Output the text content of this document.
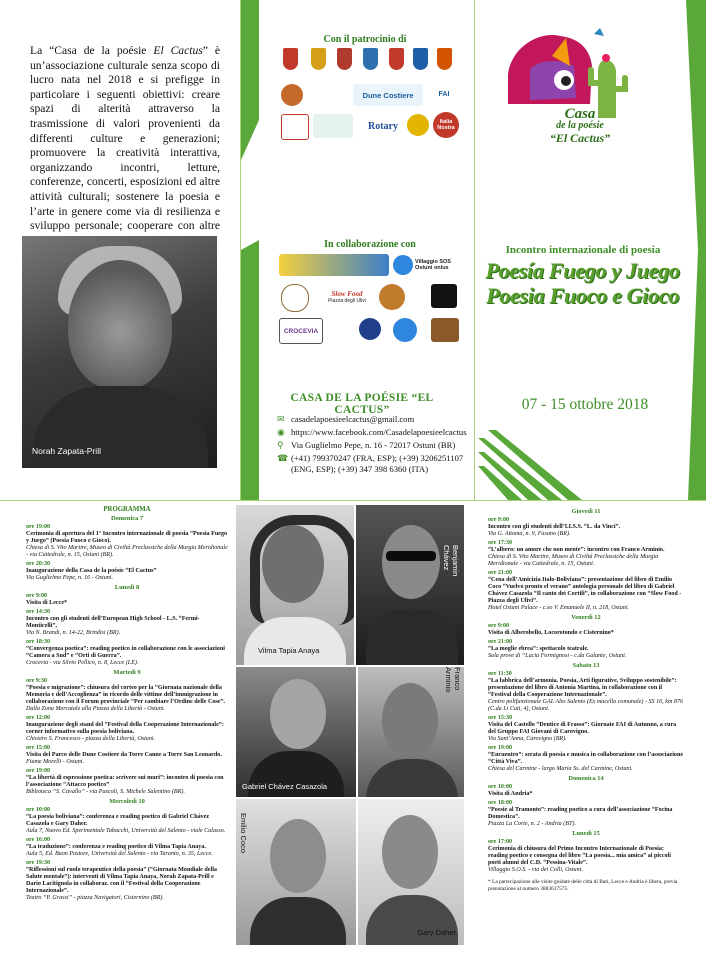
La “Casa de la poésie El Cactus” è un’associazione culturale senza scopo di lucro nata nel 2018 e si prefigge in particolare i seguenti obiettivi: creare spazi di alterità attraverso la trasmissione di valori provenienti da differenti culture e generazioni; promuovere la creatività interattiva, organizzando incontri, letture, conferenze, concerti, esposizioni ed altre attività culturali; sostenere la poesia e l’arte in genere come via di resilienza e sviluppo personale; cooperare con altre
Norah Zapata-Prill
Con il patrocinio di
Dune Costiere	FAI
Rotary	Italia Nostra
In collaborazione con
Villaggio SOS Ostuni onlus
Slow Food
Piazza degli Ulivi
CROCEVIA
CASA DE LA POÉSIE “EL CACTUS”
✉ casadelapoesieelcactus@gmail.com
◉ https://www.facebook.com/Casadelapoesieelcactus
⚲ Via Guglielmo Pepe, n. 16 - 72017 Ostuni (BR)
☎ (+41) 799370247 (FRA, ESP); (+39) 3206251107
(ENG, ESP); (+39) 347 398 6360 (ITA)
Casa
de la poésie
“El Cactus”
Incontro internazionale di poesia
Poesía Fuego y Juego
Poesia Fuoco e Gioco
07 - 15 ottobre 2018
PROGRAMMA

Domenica 7

ore 19:00

Cerimonia di apertura del 1° Incontro internazionale di poesia “Poesia Fuego y Juego” (Poesia Fuoco e Gioco).

Chiesa di S. Vito Martire, Museo di Civiltà Preclassiche della Murgia Meridionale - via Cattedrale, n. 15, Ostuni (BR).

ore 20:30

Inaugurazione della Casa de la poésie “El Cactus”

Via Guglielmo Pepe, n. 16 - Ostuni.

Lunedì 8

ore 9:00

Visita di Lecce*

ore 14:30

Incontro con gli studenti dell’European High School - L.S. “Fermi-Monticelli”,

Via N. Brandi, n. 14-22, Brindisi (BR).

ore 18:30

“Convergenza poetica”: reading poetico in collaborazione con le associazioni “Camera a Sud” e “Orti di Guerra”.

Crocevia - via Silvio Pellico, n. 8, Lecce (LE).

Martedì 9

ore 9:30

“Poesia e migrazione”: chiusura del corteo per la “Giornata nazionale della Memoria e dell’Accoglienza” in ricordo delle vittime dell’immigrazione in collaborazione con il Forum provinciale “Per cambiare l’Ordine delle Cose”.

Dalla Zona Mercatale alla Piazza della Libertà - Ostuni.

ore 12:00

Inaugurazione degli stand del “Festival della Cooperazione Internazionale”: corner informativo sulla poesia boliviana.

Chiostro S. Francesco - piazza della Libertà, Ostuni.

ore 15:00

Visita del Parco delle Dune Costiere da Torre Canne a Torre San Leonardo.

Fiume Morelli - Ostuni.

ore 19:00

“La libertà di espressione poetica: scrivere sui muri”: incontro di poesia con l’associazione “Attacco poetico”

Biblioteca “S. Cavallo” - via Pascoli, S. Michele Salentino (BR).

Mercoledì 10

ore 10:00

“La poesia boliviana”: conferenza e reading poetico di Gabriel Chávez Casazola e Gary Daher.

Aula 7, Nuovo Ed. Sperimentale Tabacchi, Università del Salento - viale Calasso.

ore 16:00

“La traduzione”: conferenza e reading poetico di Vilma Tapia Anaya.

Aula 5, Ed. Buon Pastore, Università del Salento - via Taranto, n. 35, Lecce.

ore 19:30

“Riflessioni sul ruolo terapeutico della poesia” (“Giornata Mondiale della Salute mentale”): interventi di Vilma Tapia Anaya, Norah Zapata-Prill e Dario Lacitignola in collaboraz. con il “Festival della Cooperazione Internazionale”.

Teatro “P. Grassi” - piazza Navigatori, Cisternino (BR).

Vilma Tapia Anaya
Benjamin Chávez
Gabriel Chávez Casazola
Franco Arminio
Emilio Coco
Gary Daher

Giovedì 11

ore 9:00

Incontro con gli studenti dell’I.I.S.S. “L. da Vinci”.

Via G. Attoma, n. 9, Fasano (BR).

ore 17:30

“L’albero: un amore che non mente”: incontro con Franco Arminio.

Chiesa di S. Vito Martire, Museo di Civiltà Preclassiche della Murgia Meridionale - via Cattedrale, n. 15, Ostuni.

ore 21:00

“Cena dell’Amicizia Italo-Boliviana”: presentazione del libro di Emilio Coco “Vuelvo pronto el verano” antologia personale del libro di Gabriel Chávez Casazola “Il canto dei Cortili”, in collaborazione con “Slow Food - Piazza degli Ulivi”.

Hotel Ostuni Palace - c.so V. Emanuele II, n. 218, Ostuni.

Venerdì 12

ore 9:00

Visita di Alberobello, Locorotondo e Cisternino*

ore 21:00

“La moglie ebrea”: spettacolo teatrale.

Sala prove di “Lucia Formignosi - c.da Galante, Ostuni.

Sabato 13

ore 11:30

“La fabbrica dell’armonia. Poesia, Arti figurative, Sviluppo sostenibile”: presentazione del libro di Antonia Martina, in collaborazione con il “Festival della Cooperazione Internazionale”.

Centro polifunzionale GAL Alto Salento (Ex macello comunale) - SS 16, km 876 (C.da Li Cuti, 4), Ostuni.

ore 15:30

Visita del Castello “Dentice di Frasso”: Giornate FAI di Autunno, a cura del Gruppo FAI Giovani di Carovigno.

Via Sant’Anna, Carovigno (BR).

ore 19:00

“Encuentro”: serata di poesia e musica in collaborazione con l’associazione “Città Viva”.

Chiesa del Carmine - largo Maria Ss. del Carmine, Ostuni.

Domenica 14

ore 10:00

Visita di Andria*

ore 18:00

“Poesie al Tramonto”: reading poetico a cura dell’associazione “Focina Domestica”.

Piazza La Corte, n. 2 - Andria (BT).

Lunedì 15

ore 17:00

Cerimonia di chiusura del Primo Incontro Internazionale di Poesia: reading poetico e consegna del libro “La poesia... mia amica” ai piccoli poeti alunni del C.D. “Pessina-Vitale”.

Villaggio S.O.S. - via dei Colli, Ostuni.

* La partecipazione alle visite guidate delle città di Bari, Lecce e Andria è libera, previa prenotazione al numero 3883617575.
